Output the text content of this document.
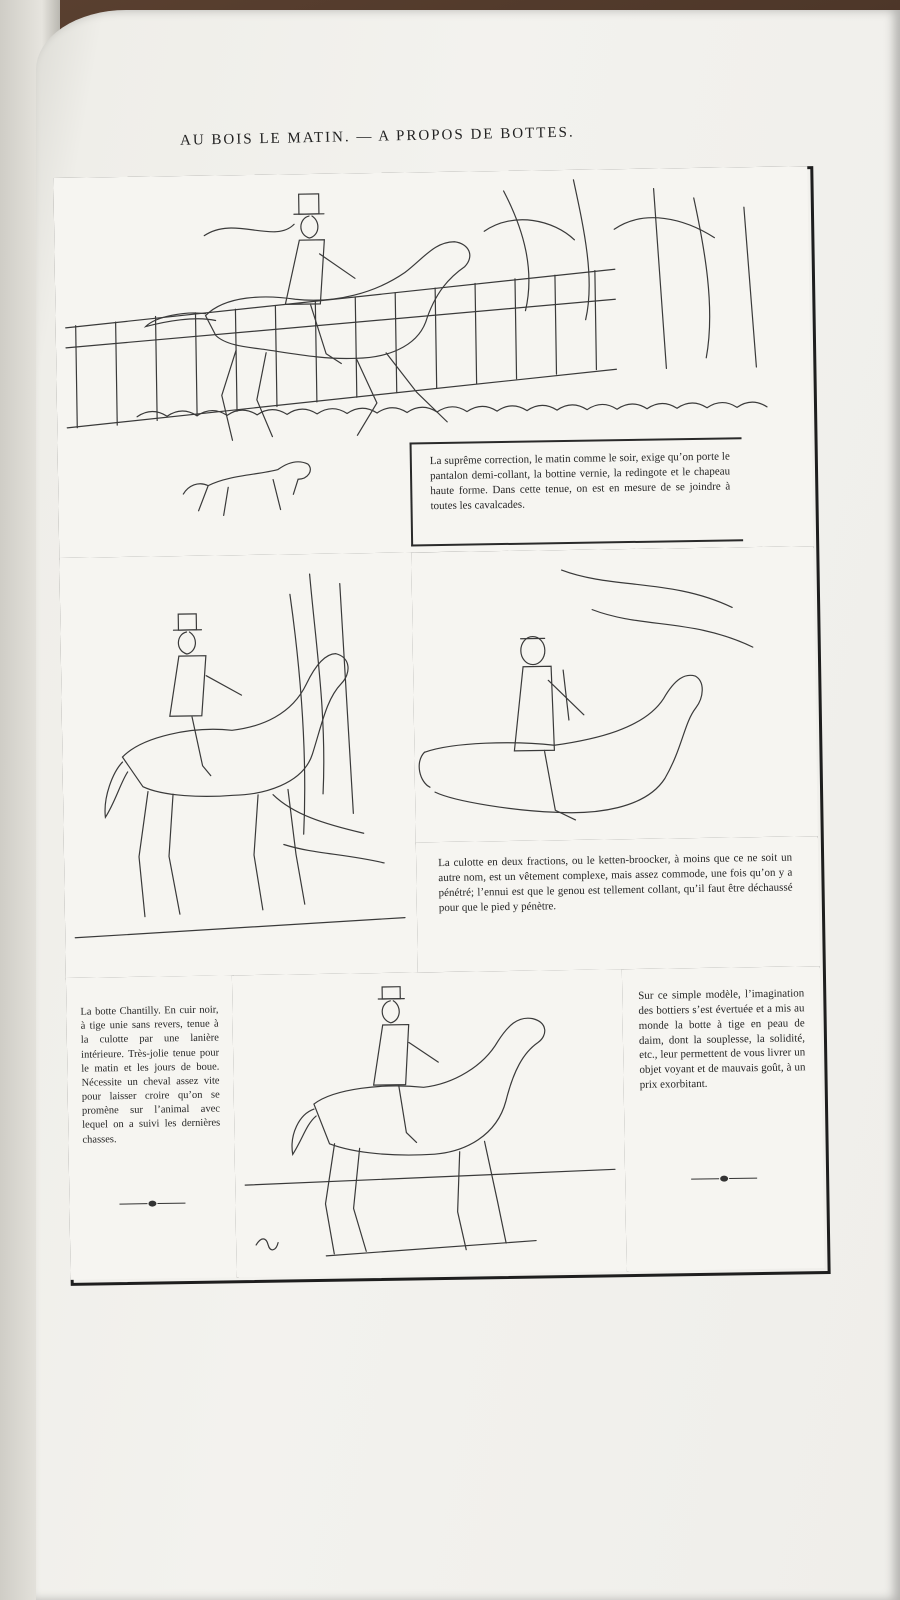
AU BOIS LE MATIN. — A PROPOS DE BOTTES.
La suprême correction, le matin comme le soir, exige qu’on porte le pantalon demi-collant, la bottine vernie, la redingote et le chapeau haute forme. Dans cette tenue, on est en mesure de se joindre à toutes les cavalcades.
La culotte en deux fractions, ou le ketten-broocker, à moins que ce ne soit un autre nom, est un vêtement complexe, mais assez commode, une fois qu’on y a pénétré; l’ennui est que le genou est tellement collant, qu’il faut être déchaussé pour que le pied y pénètre.
La botte Chantilly. En cuir noir, à tige unie sans revers, tenue à la culotte par une lanière intérieure. Très-jolie tenue pour le matin et les jours de boue. Nécessite un cheval assez vite pour laisser croire qu’on se promène sur l’animal avec lequel on a suivi les dernières chasses.
Sur ce simple modèle, l’imagination des bottiers s’est évertuée et a mis au monde la botte à tige en peau de daim, dont la souplesse, la solidité, etc., leur permettent de vous livrer un objet voyant et de mauvais goût, à un prix exorbitant.
